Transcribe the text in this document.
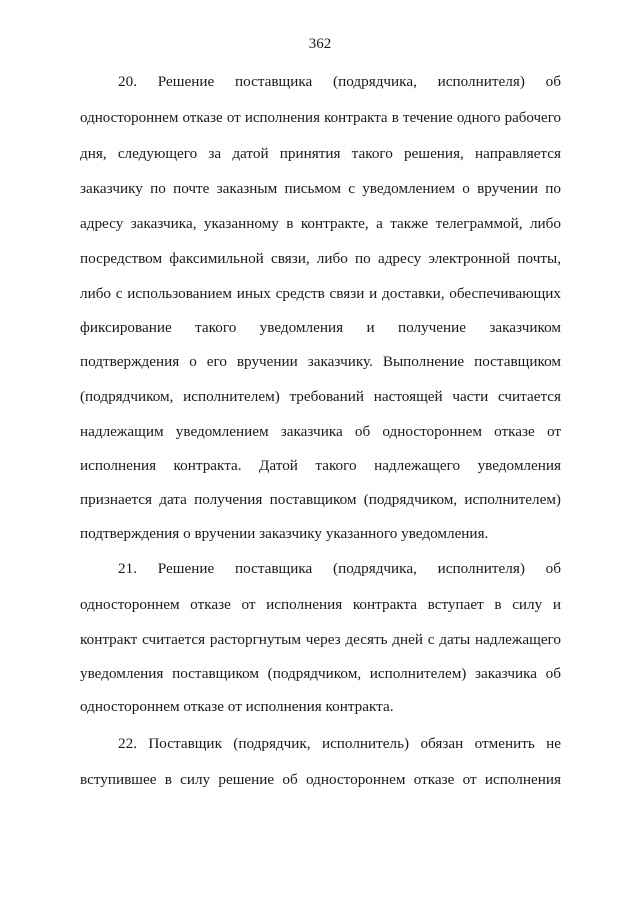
362
20. Решение поставщика (подрядчика, исполнителя) об
одностороннем отказе от исполнения контракта в течение одного рабочего
дня, следующего за датой принятия такого решения, направляется
заказчику по почте заказным письмом с уведомлением о вручении по
адресу заказчика, указанному в контракте, а также телеграммой, либо
посредством факсимильной связи, либо по адресу электронной почты,
либо с использованием иных средств связи и доставки, обеспечивающих
фиксирование такого уведомления и получение заказчиком
подтверждения о его вручении заказчику. Выполнение поставщиком
(подрядчиком, исполнителем) требований настоящей части считается
надлежащим уведомлением заказчика об одностороннем отказе от
исполнения контракта. Датой такого надлежащего уведомления
признается дата получения поставщиком (подрядчиком, исполнителем)
подтверждения о вручении заказчику указанного уведомления.
21. Решение поставщика (подрядчика, исполнителя) об
одностороннем отказе от исполнения контракта вступает в силу и
контракт считается расторгнутым через десять дней с даты надлежащего
уведомления поставщиком (подрядчиком, исполнителем) заказчика об
одностороннем отказе от исполнения контракта.
22. Поставщик (подрядчик, исполнитель) обязан отменить не
вступившее в силу решение об одностороннем отказе от исполнения
